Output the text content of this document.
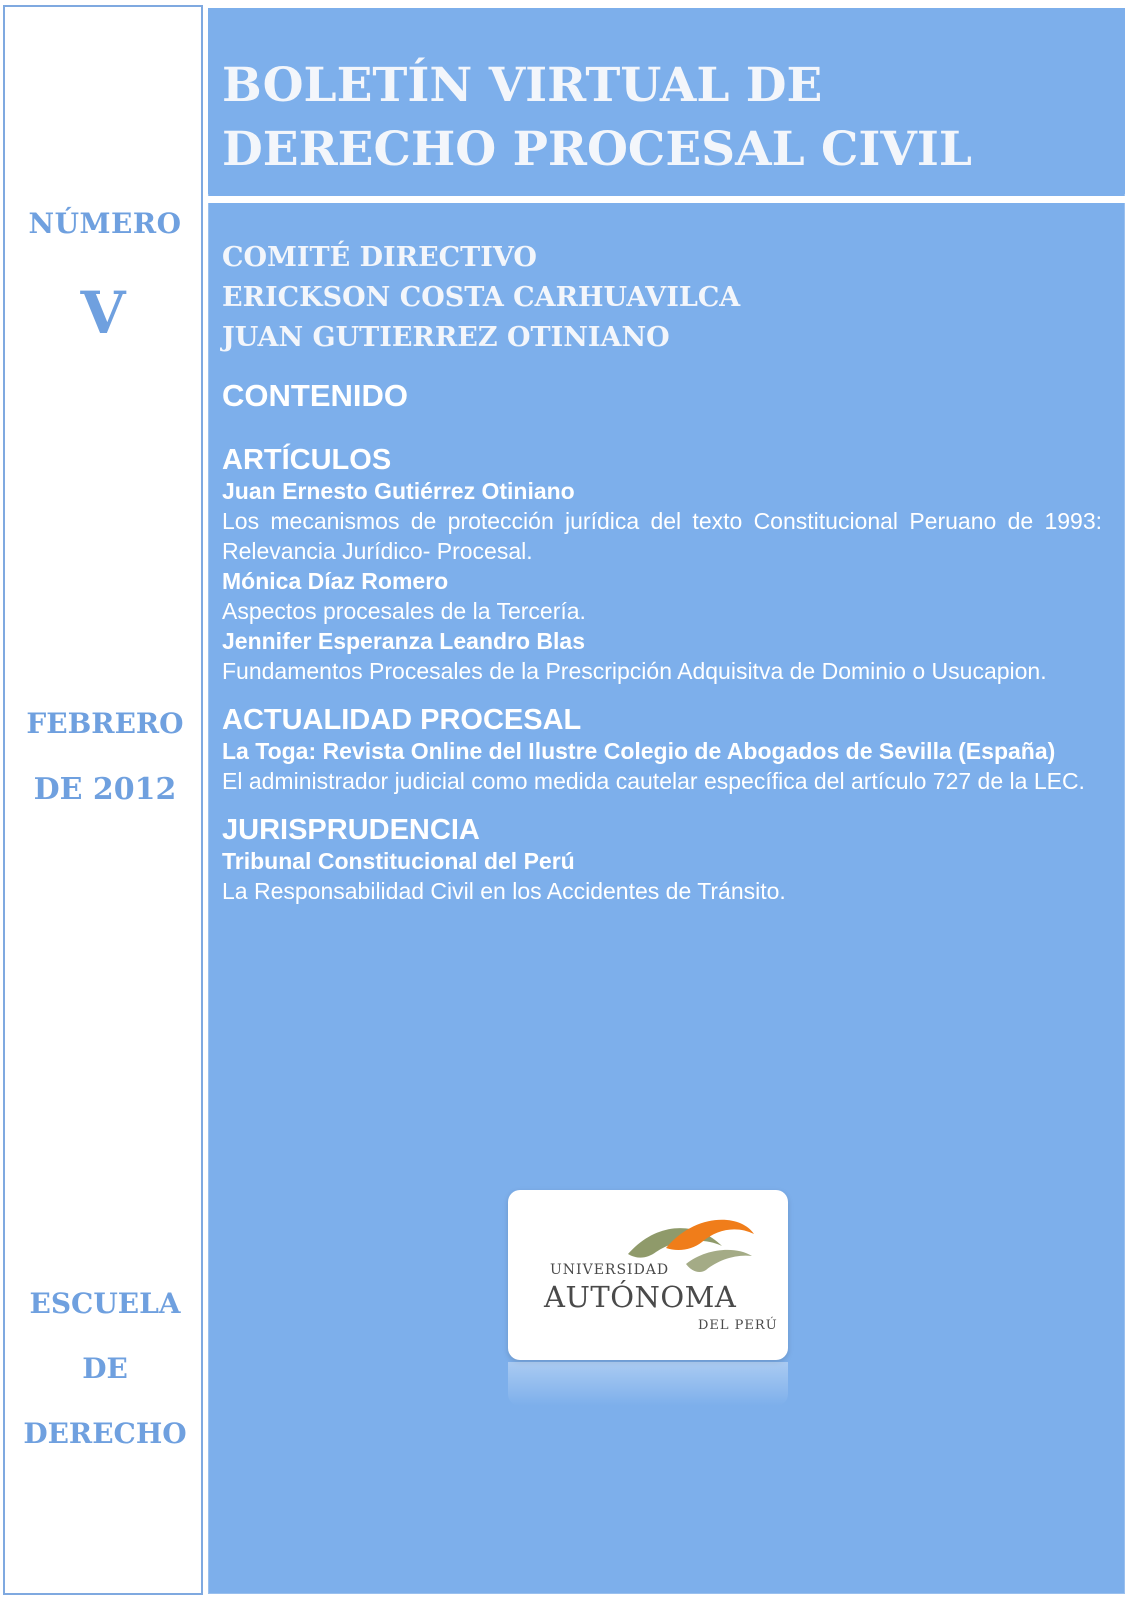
NÚMERO
V
FEBRERO
DE 2012
ESCUELA
DE
DERECHO
BOLETÍN VIRTUAL DE
DERECHO PROCESAL CIVIL
COMITÉ DIRECTIVO
ERICKSON COSTA CARHUAVILCA
JUAN GUTIERREZ OTINIANO
CONTENIDO
ARTÍCULOS
Juan Ernesto Gutiérrez Otiniano
Los mecanismos de protección jurídica del texto Constitucional Peruano de 1993: Relevancia Jurídico- Procesal.
Mónica Díaz Romero
Aspectos procesales de la Tercería.
Jennifer Esperanza Leandro Blas
Fundamentos Procesales de la Prescripción Adquisitva de Dominio o Usucapion.
ACTUALIDAD PROCESAL
La Toga: Revista Online del Ilustre Colegio de Abogados de Sevilla (España)
El administrador judicial como medida cautelar específica del artículo 727 de la LEC.
JURISPRUDENCIA
Tribunal Constitucional del Perú
La Responsabilidad Civil en los Accidentes de Tránsito.
UNIVERSIDAD
AUTÓNOMA
DEL PERÚ
